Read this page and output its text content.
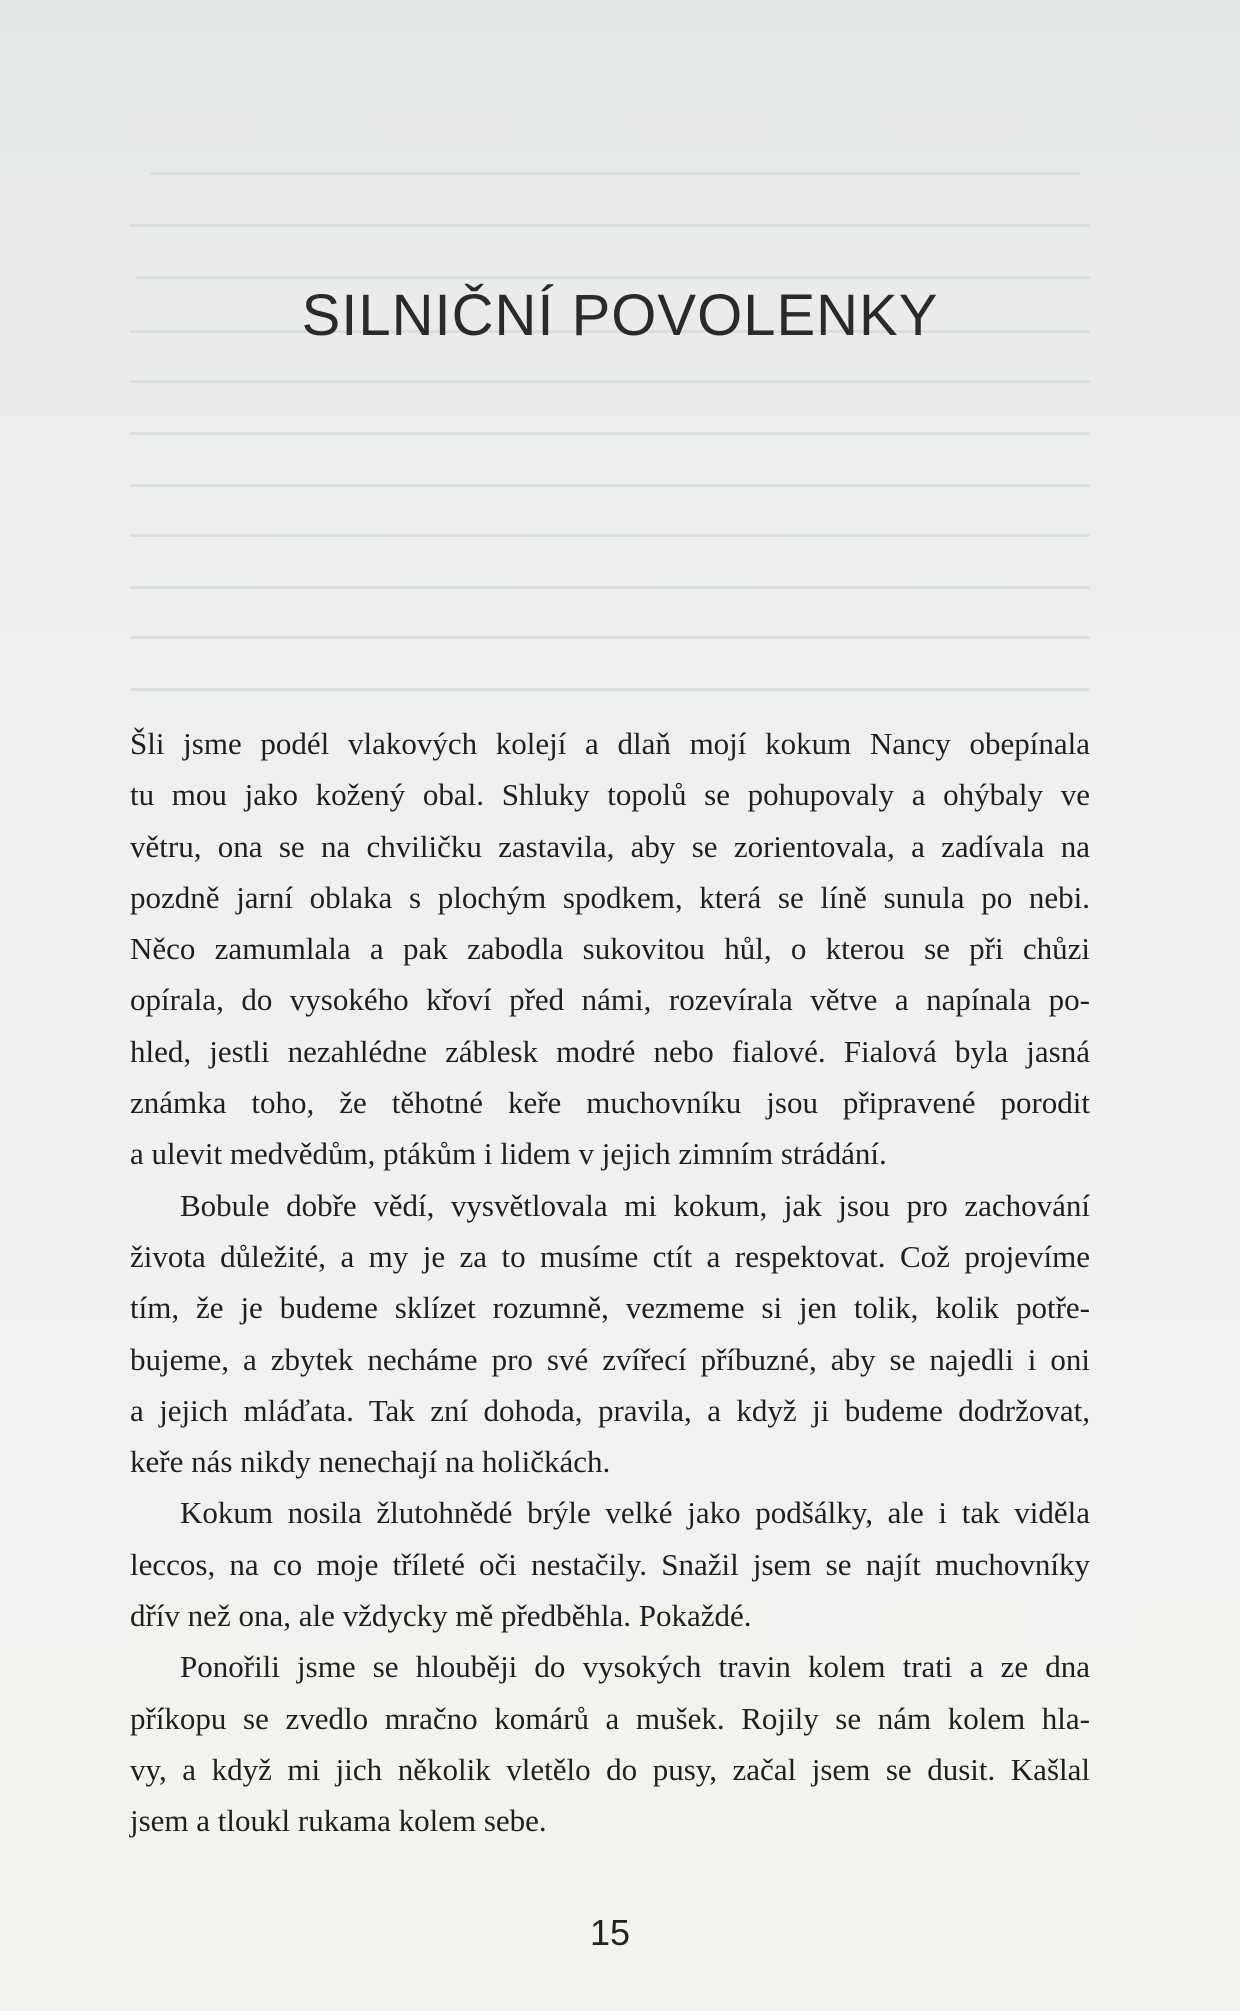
SILNIČNÍ POVOLENKY
Šli jsme podél vlakových kolejí a dlaň mojí kokum Nancy obepínala
tu mou jako kožený obal. Shluky topolů se pohupovaly a ohýbaly ve
větru, ona se na chviličku zastavila, aby se zorientovala, a zadívala na
pozdně jarní oblaka s plochým spodkem, která se líně sunula po nebi.
Něco zamumlala a pak zabodla sukovitou hůl, o kterou se při chůzi
opírala, do vysokého křoví před námi, rozevírala větve a napínala po-
hled, jestli nezahlédne záblesk modré nebo fialové. Fialová byla jasná
známka toho, že těhotné keře muchovníku jsou připravené porodit
a ulevit medvědům, ptákům i lidem v jejich zimním strádání.
Bobule dobře vědí, vysvětlovala mi kokum, jak jsou pro zachování
života důležité, a my je za to musíme ctít a respektovat. Což projevíme
tím, že je budeme sklízet rozumně, vezmeme si jen tolik, kolik potře-
bujeme, a zbytek necháme pro své zvířecí příbuzné, aby se najedli i oni
a jejich mláďata. Tak zní dohoda, pravila, a když ji budeme dodržovat,
keře nás nikdy nenechají na holičkách.
Kokum nosila žlutohnědé brýle velké jako podšálky, ale i tak viděla
leccos, na co moje tříleté oči nestačily. Snažil jsem se najít muchovníky
dřív než ona, ale vždycky mě předběhla. Pokaždé.
Ponořili jsme se hlouběji do vysokých travin kolem trati a ze dna
příkopu se zvedlo mračno komárů a mušek. Rojily se nám kolem hla-
vy, a když mi jich několik vletělo do pusy, začal jsem se dusit. Kašlal
jsem a tloukl rukama kolem sebe.
15
